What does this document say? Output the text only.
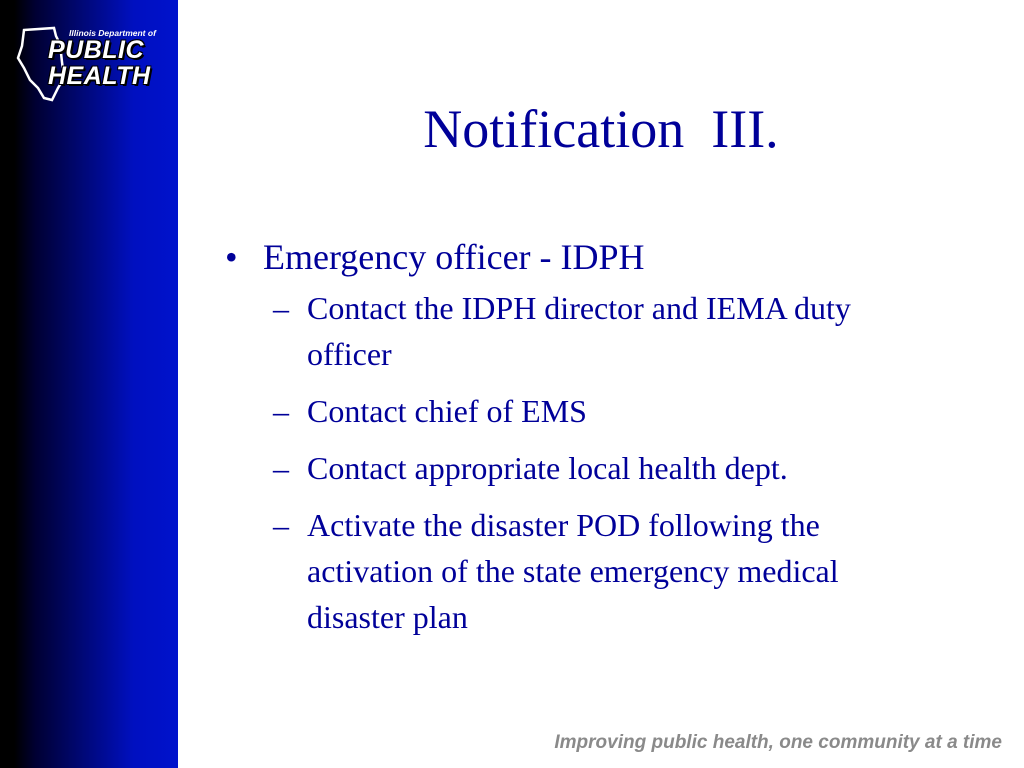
Illinois Department of
PUBLIC
HEALTH
Notification  III.
• Emergency officer - IDPH
– Contact the IDPH director and IEMA duty officer
– Contact chief of EMS
– Contact appropriate local health dept.
– Activate the disaster POD following the activation of the state emergency medical disaster plan
Improving public health, one community at a time
